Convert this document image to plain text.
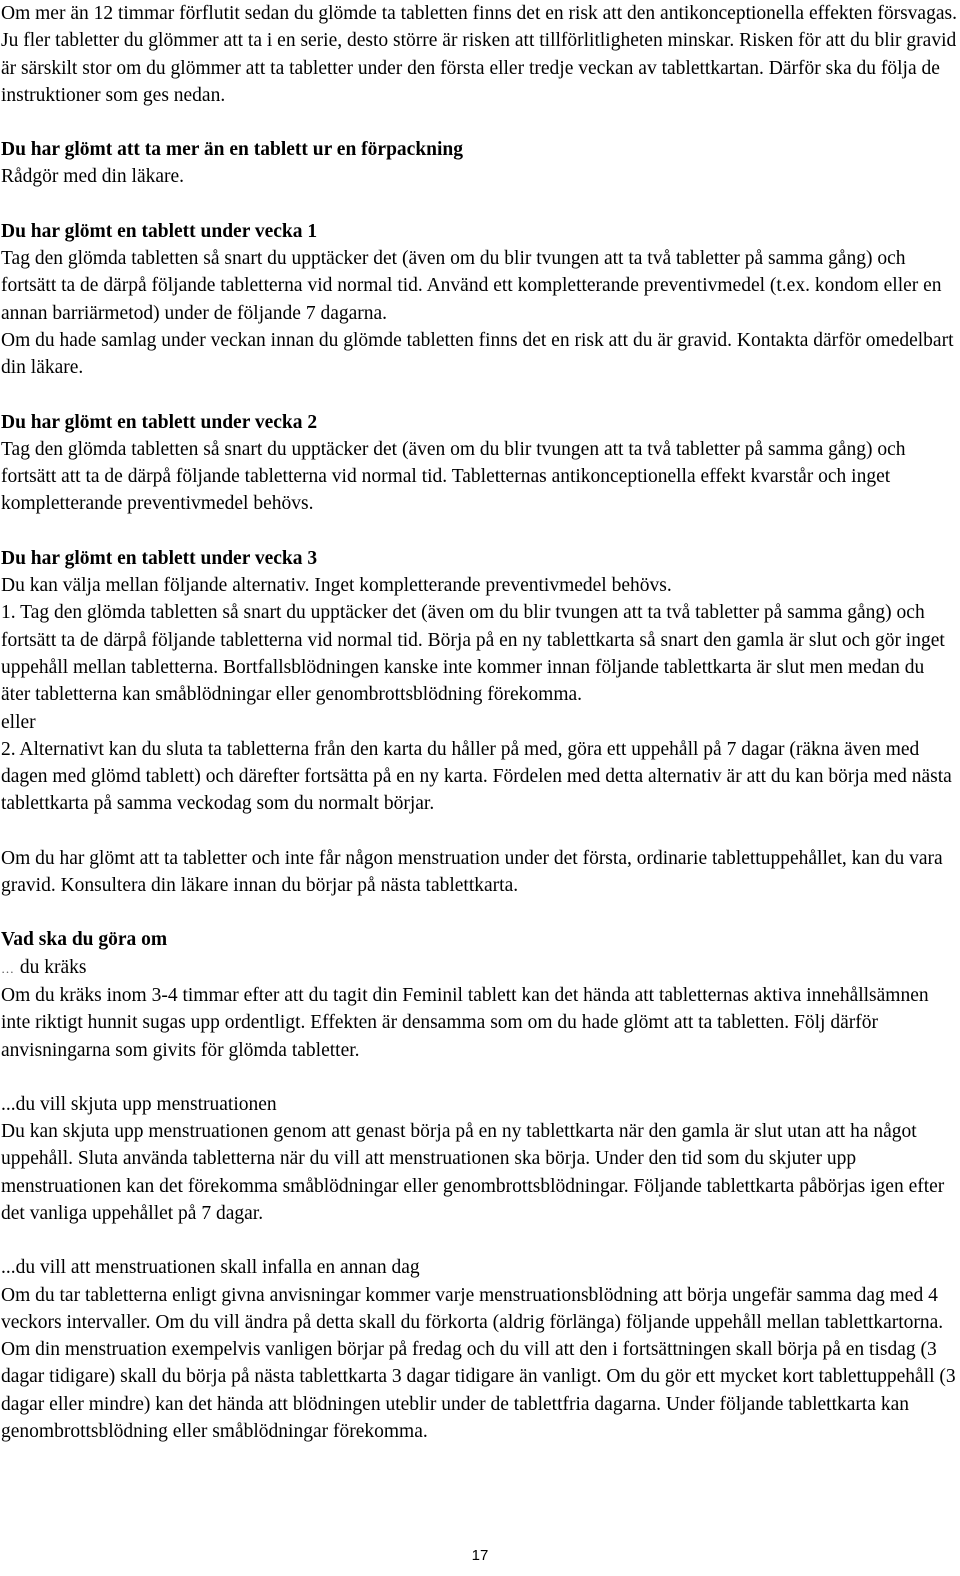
Om mer än 12 timmar förflutit sedan du glömde ta tabletten finns det en risk att den antikonceptionella effekten försvagas. Ju fler tabletter du glömmer att ta i en serie, desto större är risken att tillförlitligheten minskar. Risken för att du blir gravid är särskilt stor om du glömmer att ta tabletter under den första eller tredje veckan av tablettkartan. Därför ska du följa de instruktioner som ges nedan.

Du har glömt att ta mer än en tablett ur en förpackning

Rådgör med din läkare.

Du har glömt en tablett under vecka 1

Tag den glömda tabletten så snart du upptäcker det (även om du blir tvungen att ta två tabletter på samma gång) och fortsätt ta de därpå följande tabletterna vid normal tid. Använd ett kompletterande preventivmedel (t.ex. kondom eller en annan barriärmetod) under de följande 7 dagarna.

Om du hade samlag under veckan innan du glömde tabletten finns det en risk att du är gravid. Kontakta därför omedelbart din läkare.

Du har glömt en tablett under vecka 2

Tag den glömda tabletten så snart du upptäcker det (även om du blir tvungen att ta två tabletter på samma gång) och fortsätt att ta de därpå följande tabletterna vid normal tid. Tabletternas antikonceptionella effekt kvarstår och inget kompletterande preventivmedel behövs.

Du har glömt en tablett under vecka 3

Du kan välja mellan följande alternativ. Inget kompletterande preventivmedel behövs.

1. Tag den glömda tabletten så snart du upptäcker det (även om du blir tvungen att ta två tabletter på samma gång) och fortsätt ta de därpå följande tabletterna vid normal tid. Börja på en ny tablettkarta så snart den gamla är slut och gör inget uppehåll mellan tabletterna. Bortfallsblödningen kanske inte kommer innan följande tablettkarta är slut men medan du äter tabletterna kan småblödningar eller genombrottsblödning förekomma.

eller

2. Alternativt kan du sluta ta tabletterna från den karta du håller på med, göra ett uppehåll på 7 dagar (räkna även med dagen med glömd tablett) och därefter fortsätta på en ny karta. Fördelen med detta alternativ är att du kan börja med nästa tablettkarta på samma veckodag som du normalt börjar.

Om du har glömt att ta tabletter och inte får någon menstruation under det första, ordinarie tablettuppehållet, kan du vara gravid. Konsultera din läkare innan du börjar på nästa tablettkarta.

Vad ska du göra om

… du kräks

Om du kräks inom 3-4 timmar efter att du tagit din Feminil tablett kan det hända att tabletternas aktiva innehållsämnen inte riktigt hunnit sugas upp ordentligt. Effekten är densamma som om du hade glömt att ta tabletten. Följ därför anvisningarna som givits för glömda tabletter.

...du vill skjuta upp menstruationen

Du kan skjuta upp menstruationen genom att genast börja på en ny tablettkarta när den gamla är slut utan att ha något uppehåll. Sluta använda tabletterna när du vill att menstruationen ska börja. Under den tid som du skjuter upp menstruationen kan det förekomma småblödningar eller genombrottsblödningar. Följande tablettkarta påbörjas igen efter det vanliga uppehållet på 7 dagar.

...du vill att menstruationen skall infalla en annan dag

Om du tar tabletterna enligt givna anvisningar kommer varje menstruationsblödning att börja ungefär samma dag med 4 veckors intervaller. Om du vill ändra på detta skall du förkorta (aldrig förlänga) följande uppehåll mellan tablettkartorna. Om din menstruation exempelvis vanligen börjar på fredag och du vill att den i fortsättningen skall börja på en tisdag (3 dagar tidigare) skall du börja på nästa tablettkarta 3 dagar tidigare än vanligt. Om du gör ett mycket kort tablettuppehåll (3 dagar eller mindre) kan det hända att blödningen uteblir under de tablettfria dagarna. Under följande tablettkarta kan genombrottsblödning eller småblödningar förekomma.

17
